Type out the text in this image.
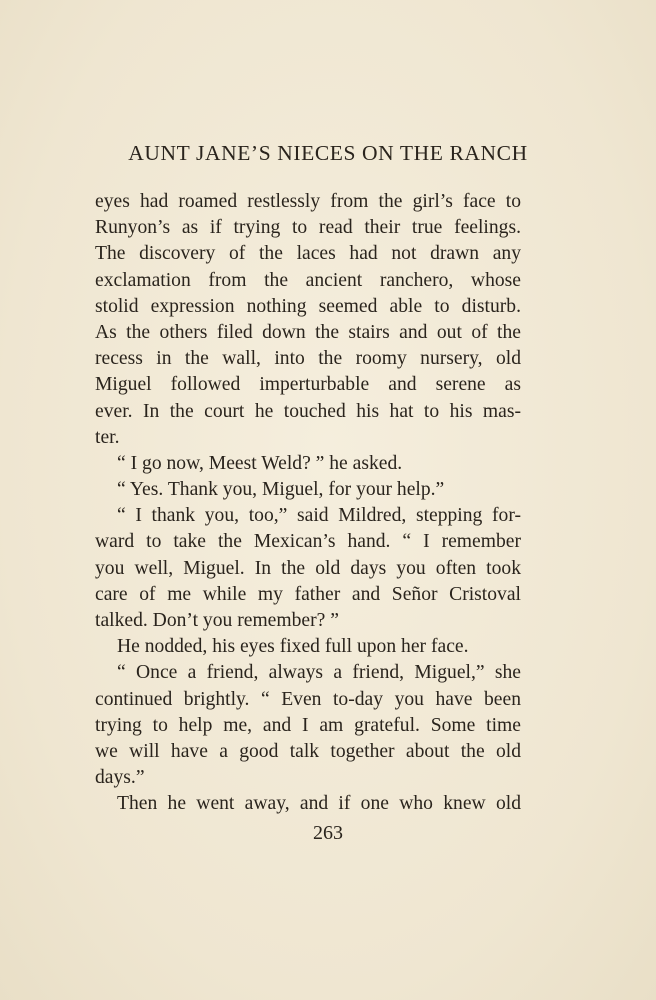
AUNT JANE’S NIECES ON THE RANCH
eyes had roamed restlessly from the girl’s face to
Runyon’s as if trying to read their true feelings.
The discovery of the laces had not drawn any
exclamation from the ancient ranchero, whose
stolid expression nothing seemed able to disturb.
As the others filed down the stairs and out of the
recess in the wall, into the roomy nursery, old
Miguel followed imperturbable and serene as
ever. In the court he touched his hat to his mas-
ter.
“ I go now, Meest Weld? ” he asked.
“ Yes. Thank you, Miguel, for your help.”
“ I thank you, too,” said Mildred, stepping for-
ward to take the Mexican’s hand. “ I remember
you well, Miguel. In the old days you often took
care of me while my father and Señor Cristoval
talked. Don’t you remember? ”
He nodded, his eyes fixed full upon her face.
“ Once a friend, always a friend, Miguel,” she
continued brightly. “ Even to-day you have been
trying to help me, and I am grateful. Some time
we will have a good talk together about the old
days.”
Then he went away, and if one who knew old
263
